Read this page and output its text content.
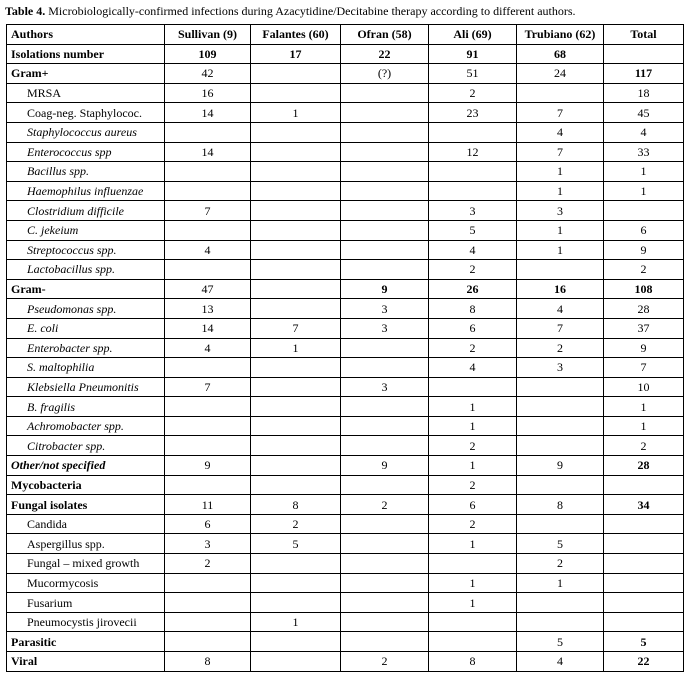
Table 4. Microbiologically-confirmed infections during Azacytidine/Decitabine therapy according to different authors.
Authors	Sullivan (9)	Falantes (60)	Ofran (58)	Ali (69)	Trubiano (62)	Total
Isolations number	109	17	22	91	68	
Gram+	42		(?)	51	24	117
MRSA	16			2		18
Coag-neg. Staphylococ.	14	1		23	7	45
Staphylococcus aureus					4	4
Enterococcus spp	14			12	7	33
Bacillus spp.					1	1
Haemophilus influenzae					1	1
Clostridium difficile	7			3	3	
C. jekeium				5	1	6
Streptococcus spp.	4			4	1	9
Lactobacillus spp.				2		2
Gram-	47		9	26	16	108
Pseudomonas spp.	13		3	8	4	28
E. coli	14	7	3	6	7	37
Enterobacter spp.	4	1		2	2	9
S. maltophilia				4	3	7
Klebsiella Pneumonitis	7		3			10
B. fragilis				1		1
Achromobacter spp.				1		1
Citrobacter spp.				2		2
Other/not specified	9		9	1	9	28
Mycobacteria				2		
Fungal isolates	11	8	2	6	8	34
Candida	6	2		2		
Aspergillus spp.	3	5		1	5	
Fungal – mixed growth	2				2	
Mucormycosis				1	1	
Fusarium				1		
Pneumocystis jirovecii		1				
Parasitic					5	5
Viral	8		2	8	4	22
